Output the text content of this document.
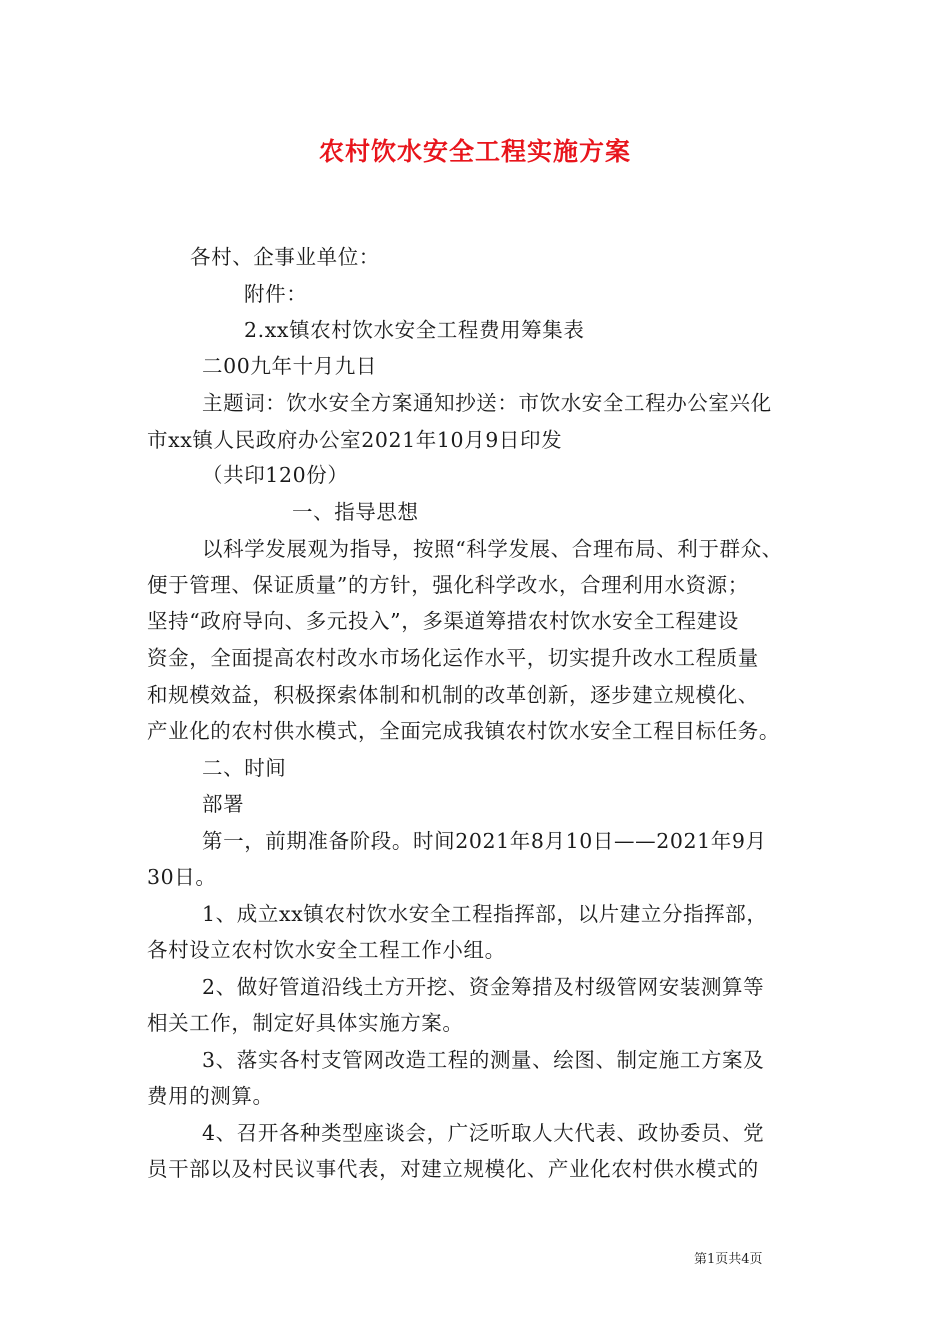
农村饮水安全工程实施方案
各村、企事业单位：
附件：
2.xx镇农村饮水安全工程费用筹集表
二00九年十月九日
主题词：饮水安全方案通知抄送：市饮水安全工程办公室兴化
市xx镇人民政府办公室2021年10月9日印发
（共印120份）
一、指导思想
以科学发展观为指导，按照“科学发展、合理布局、利于群众、
便于管理、保证质量”的方针，强化科学改水，合理利用水资源；
坚持“政府导向、多元投入”，多渠道筹措农村饮水安全工程建设
资金，全面提高农村改水市场化运作水平，切实提升改水工程质量
和规模效益，积极探索体制和机制的改革创新，逐步建立规模化、
产业化的农村供水模式，全面完成我镇农村饮水安全工程目标任务。
二、时间
部署
第一，前期准备阶段。时间2021年8月10日——2021年9月
30日。
1、成立xx镇农村饮水安全工程指挥部，以片建立分指挥部，
各村设立农村饮水安全工程工作小组。
2、做好管道沿线土方开挖、资金筹措及村级管网安装测算等
相关工作，制定好具体实施方案。
3、落实各村支管网改造工程的测量、绘图、制定施工方案及
费用的测算。
4、召开各种类型座谈会，广泛听取人大代表、政协委员、党
员干部以及村民议事代表，对建立规模化、产业化农村供水模式的
第1页共4页
